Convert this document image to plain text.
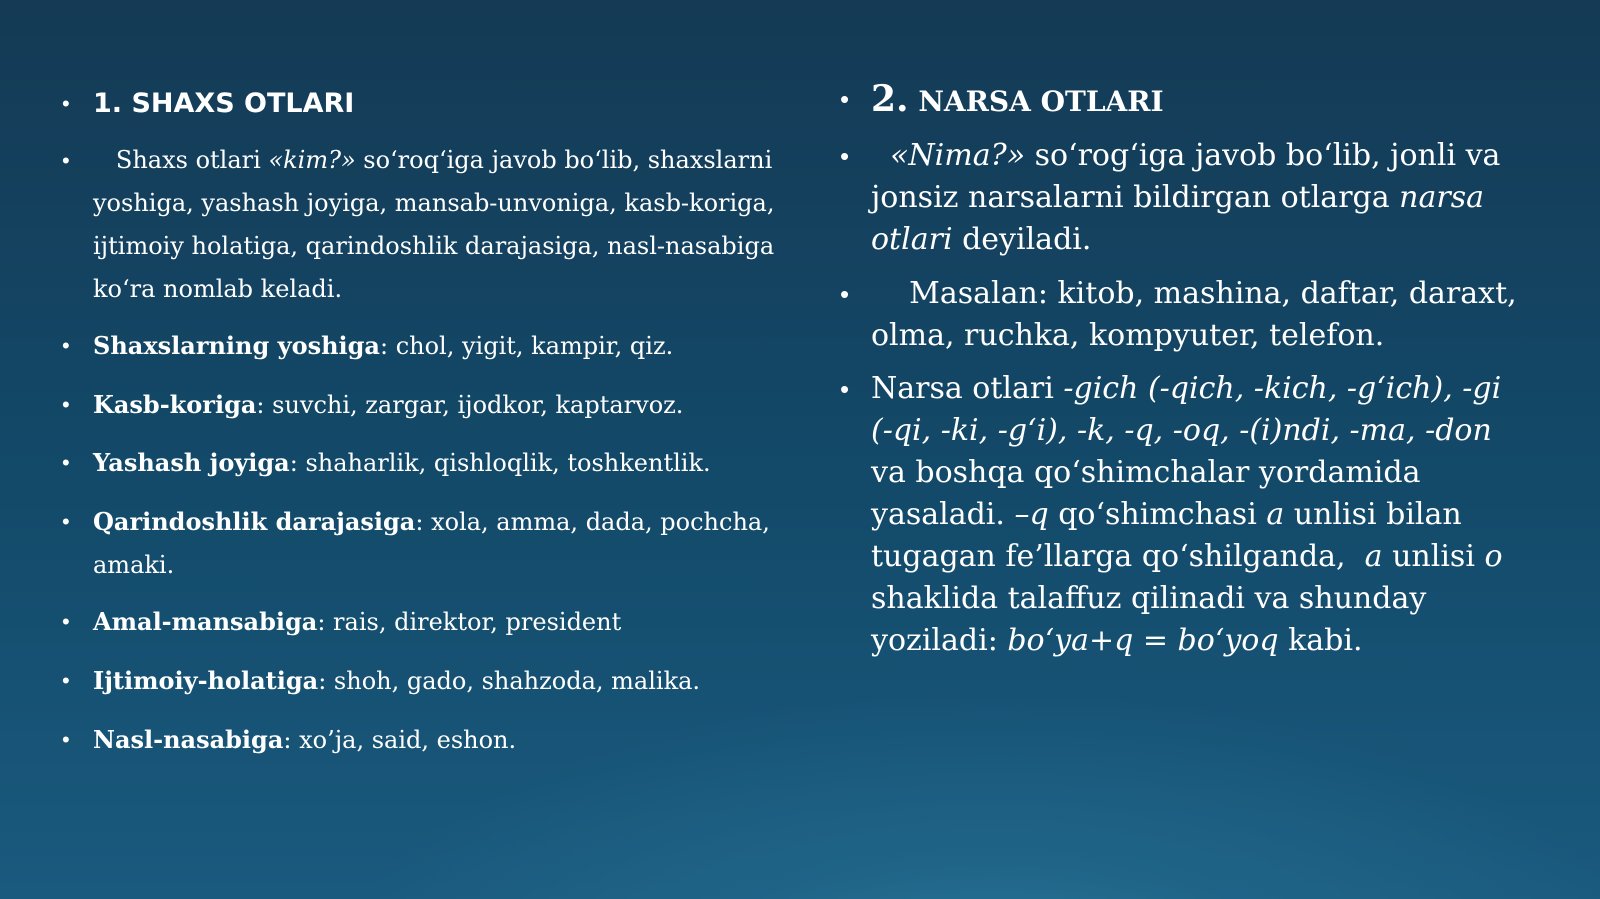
• 1. SHAXS OTLARI
• Shaxs otlari «kim?» so‘roq‘iga javob bo‘lib, shaxslarni yoshiga, yashash joyiga, mansab-unvoniga, kasb-koriga, ijtimoiy holatiga, qarindoshlik darajasiga, nasl-nasabiga ko‘ra nomlab keladi.
• Shaxslarning yoshiga: chol, yigit, kampir, qiz.
• Kasb-koriga: suvchi, zargar, ijodkor, kaptarvoz.
• Yashash joyiga: shaharlik, qishloqlik, toshkentlik.
• Qarindoshlik darajasiga: xola, amma, dada, pochcha, amaki.
• Amal-mansabiga: rais, direktor, president
• Ijtimoiy-holatiga: shoh, gado, shahzoda, malika.
• Nasl-nasabiga: xo’ja, said, eshon.
• 2. NARSA OTLARI
• «Nima?» so‘rog‘iga javob bo‘lib, jonli va jonsiz narsalarni bildirgan otlarga narsa otlari deyiladi.
• Masalan: kitob, mashina, daftar, daraxt, olma, ruchka, kompyuter, telefon.
• Narsa otlari -gich (-qich, -kich, -g‘ich), -gi (-qi, -ki, -g‘i), -k, -q, -oq, -(i)ndi, -ma, -don va boshqa qo‘shimchalar yordamida yasaladi. –q qo‘shimchasi a unlisi bilan tugagan fe’llarga qo‘shilganda,  a unlisi o shaklida talaffuz qilinadi va shunday yoziladi: bo‘ya+q = bo‘yoq kabi.
